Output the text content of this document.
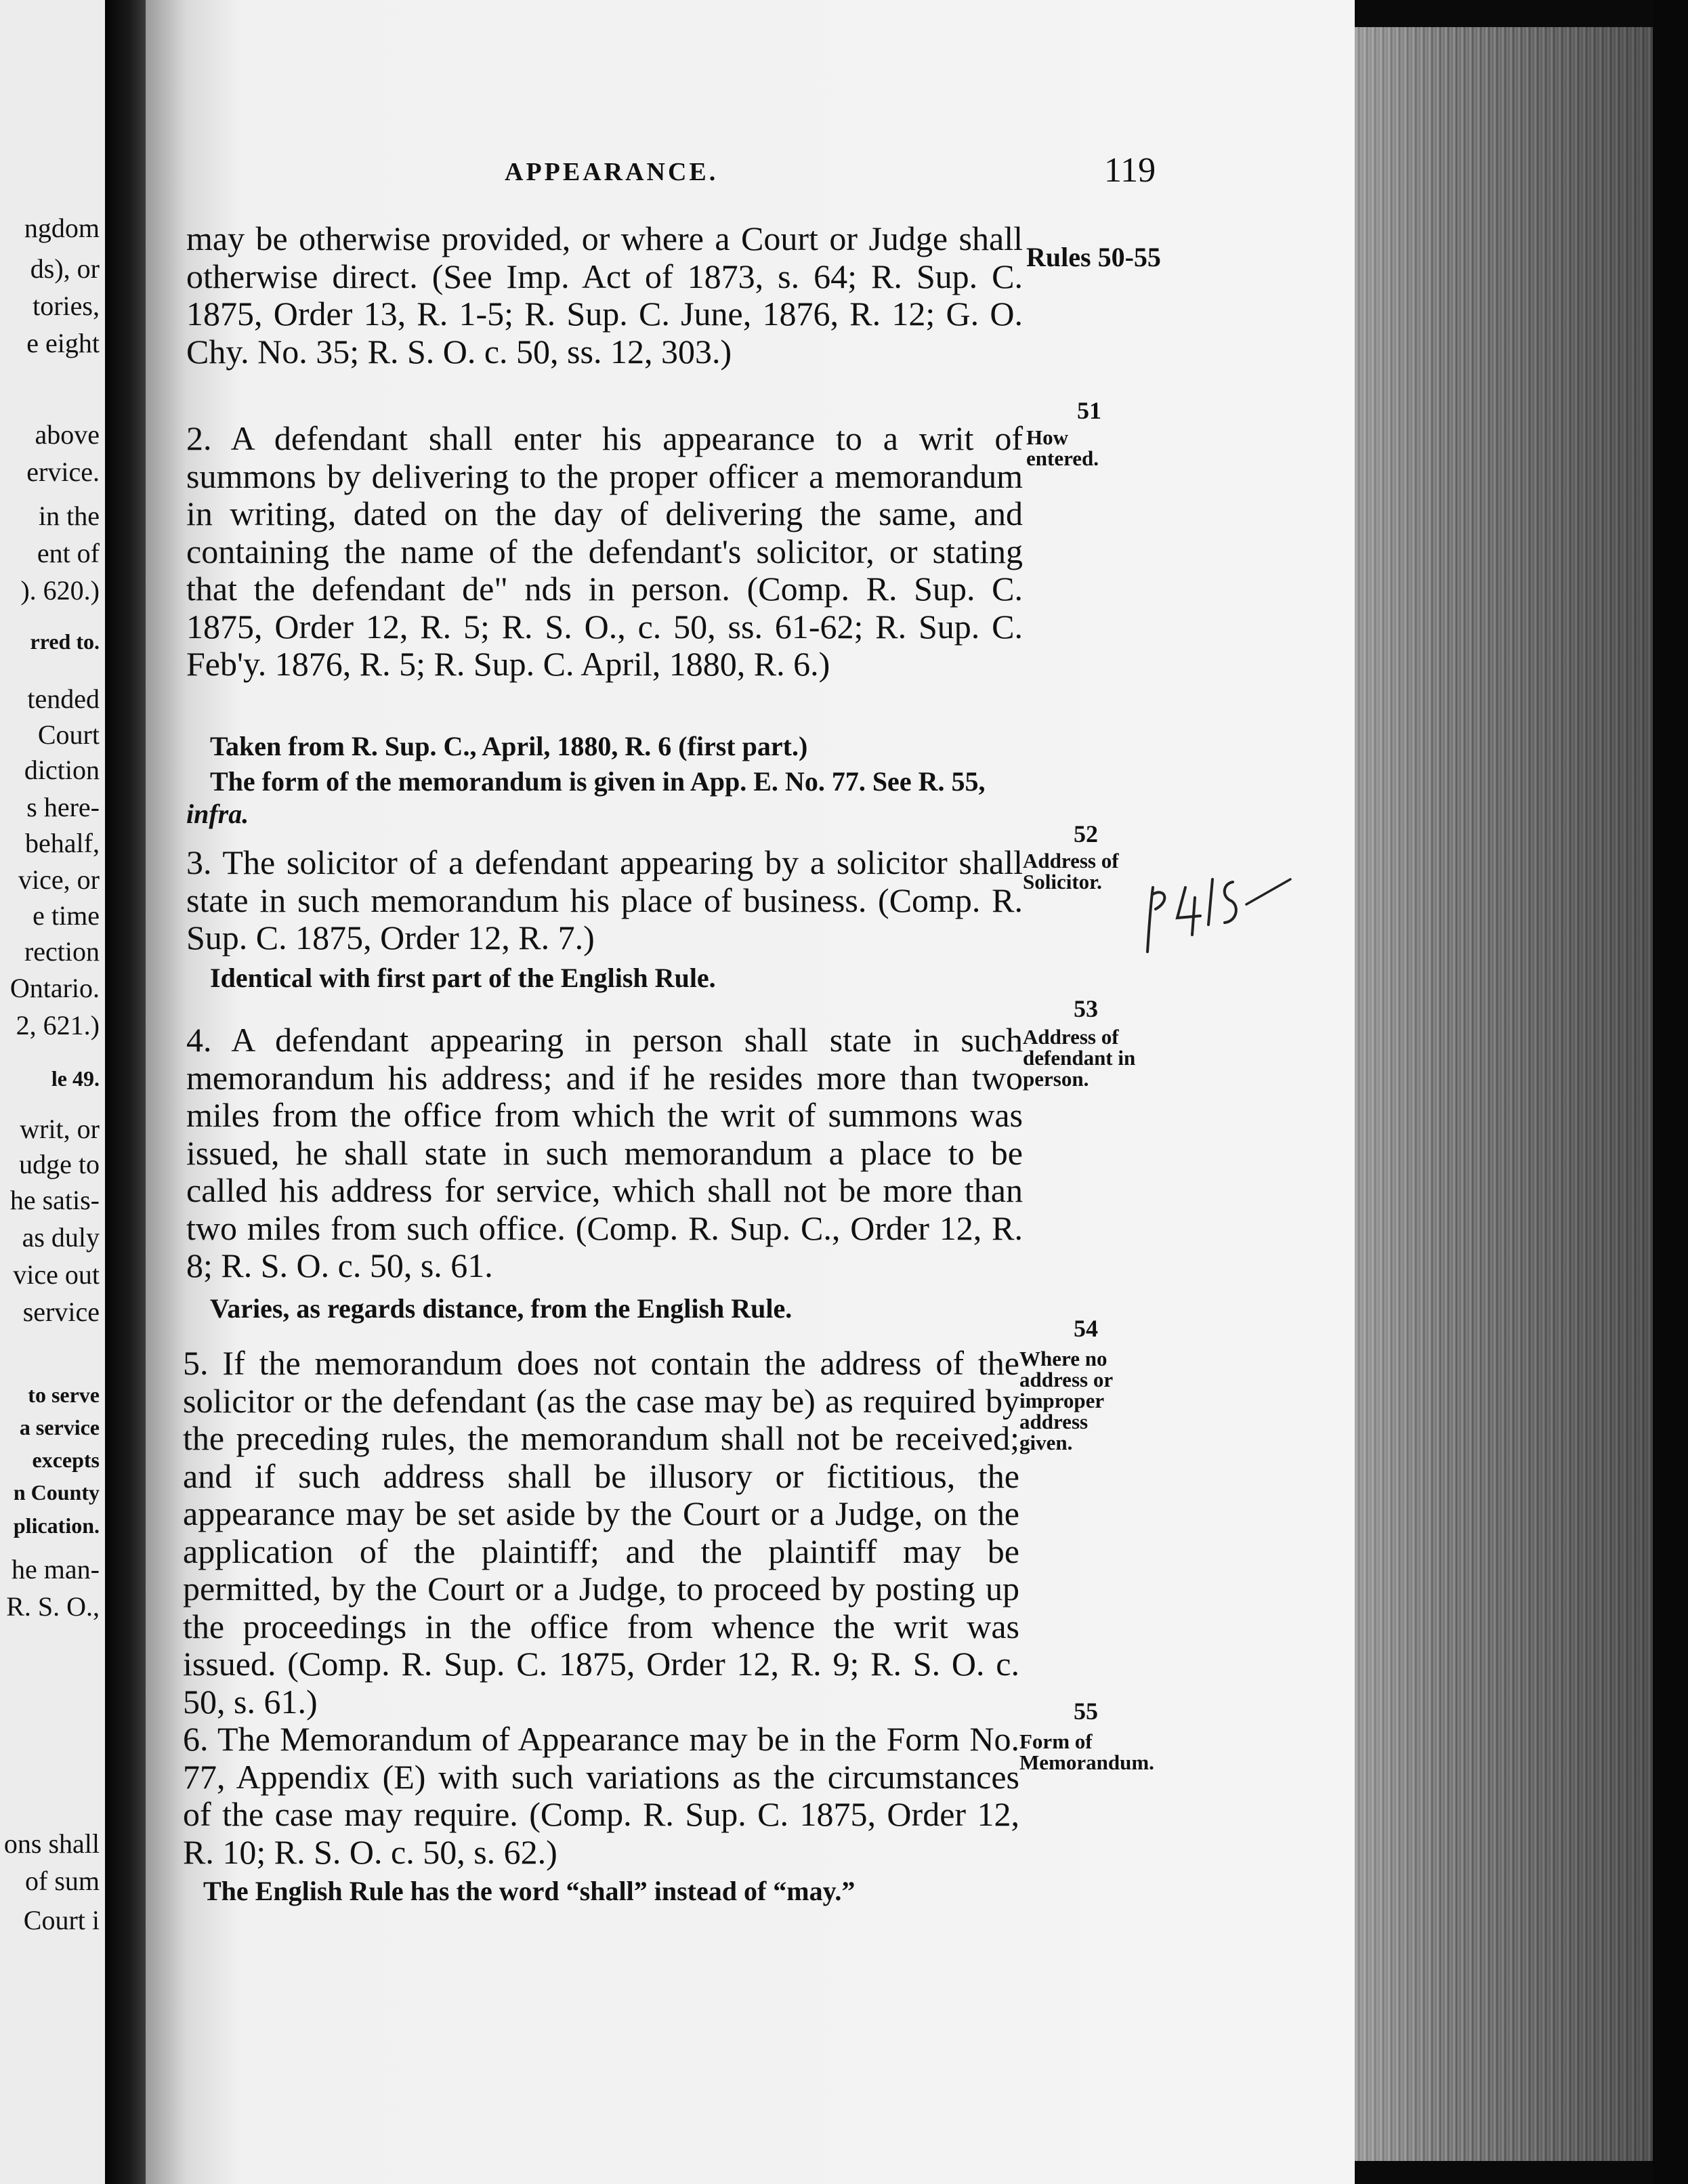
ngdom
ds), or
tories,
e eight
above
ervice.
in the
ent of
). 620.)
rred to.
tended
Court
diction
s here-
behalf,
vice, or
e time
rection
Ontario.
2, 621.)
le 49.
writ, or
udge to
he satis-
as duly
vice out
service
to serve
a service
excepts
n County
plication.
he man-
R. S. O.,
ons shall
of sum
Court i
APPEARANCE.	119
may be otherwise provided, or where a Court or Judge shall otherwise direct. (See Imp. Act of 1873, s. 64; R. Sup. C. 1875, Order 13, R. 1-5; R. Sup. C. June, 1876, R. 12; G. O. Chy. No. 35; R. S. O. c. 50, ss. 12, 303.)
2. A defendant shall enter his appearance to a writ of summons by delivering to the proper officer a memorandum in writing, dated on the day of delivering the same, and containing the name of the defendant's solicitor, or stating that the defendant de" nds in person. (Comp. R. Sup. C. 1875, Order 12, R. 5; R. S. O., c. 50, ss. 61-62; R. Sup. C. Feb'y. 1876, R. 5; R. Sup. C. April, 1880, R. 6.)
Taken from R. Sup. C., April, 1880, R. 6 (first part.)
The form of the memorandum is given in App. E. No. 77. See R. 55, infra.
3. The solicitor of a defendant appearing by a solicitor shall state in such memorandum his place of business. (Comp. R. Sup. C. 1875, Order 12, R. 7.)
Identical with first part of the English Rule.
4. A defendant appearing in person shall state in such memorandum his address; and if he resides more than two miles from the office from which the writ of summons was issued, he shall state in such memorandum a place to be called his address for service, which shall not be more than two miles from such office. (Comp. R. Sup. C., Order 12, R. 8; R. S. O. c. 50, s. 61.
Varies, as regards distance, from the English Rule.
5. If the memorandum does not contain the address of the solicitor or the defendant (as the case may be) as required by the preceding rules, the memorandum shall not be received; and if such address shall be illusory or fictitious, the appearance may be set aside by the Court or a Judge, on the application of the plaintiff; and the plaintiff may be permitted, by the Court or a Judge, to proceed by posting up the proceedings in the office from whence the writ was issued. (Comp. R. Sup. C. 1875, Order 12, R. 9; R. S. O. c. 50, s. 61.)
6. The Memorandum of Appearance may be in the Form No. 77, Appendix (E) with such variations as the circumstances of the case may require. (Comp. R. Sup. C. 1875, Order 12, R. 10; R. S. O. c. 50, s. 62.)
The English Rule has the word “shall” instead of “may.”
Rules 50-55
51
How entered.
52
Address of Solicitor.
53
Address of defendant in person.
54
Where no address or improper address given.
55
Form of Memorandum.
